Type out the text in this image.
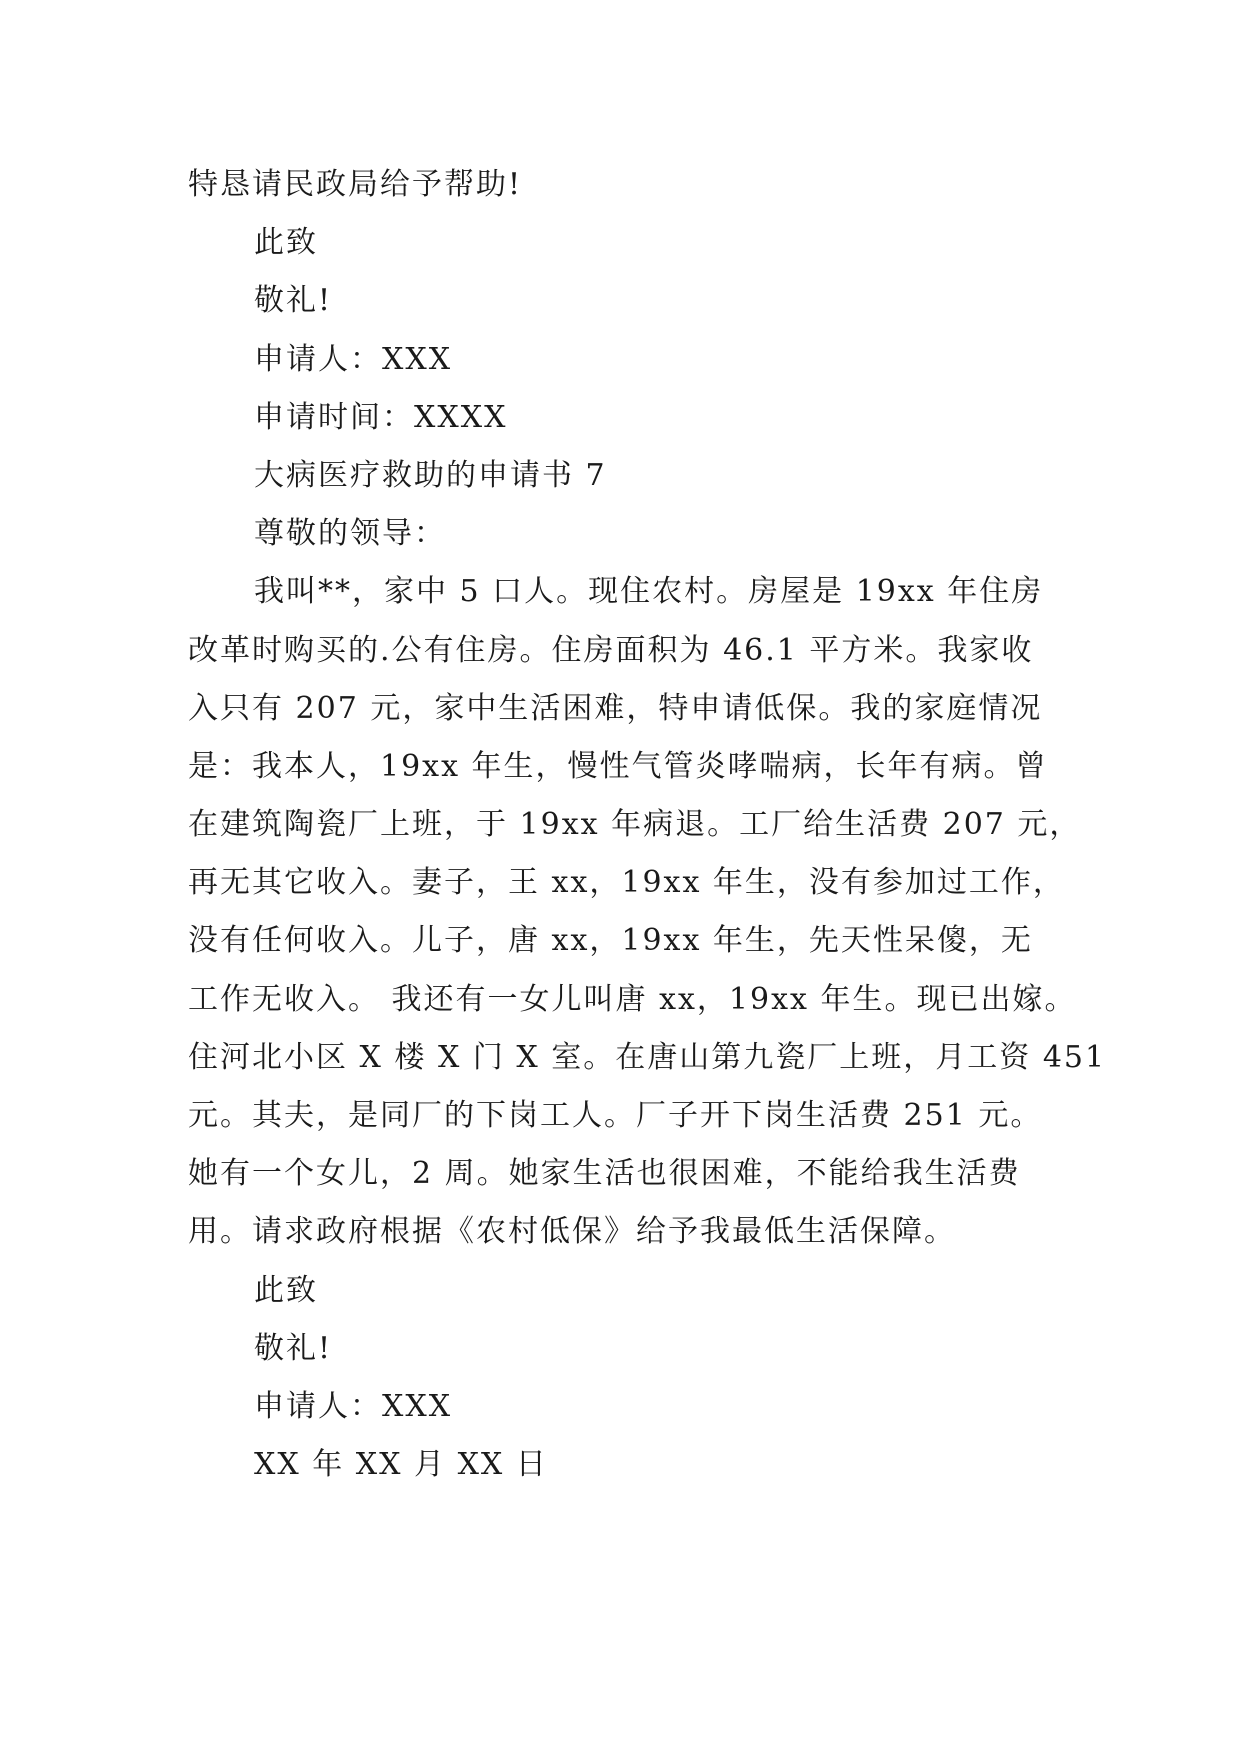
特恳请民政局给予帮助!
此致
敬礼!
申请人：XXX
申请时间：XXXX
大病医疗救助的申请书 7
尊敬的领导：
我叫**，家中 5 口人。现住农村。房屋是 19xx 年住房
改革时购买的.公有住房。住房面积为 46.1 平方米。我家收
入只有 207 元，家中生活困难，特申请低保。我的家庭情况
是：我本人，19xx 年生，慢性气管炎哮喘病，长年有病。曾
在建筑陶瓷厂上班，于 19xx 年病退。工厂给生活费 207 元，
再无其它收入。妻子，王 xx，19xx 年生，没有参加过工作，
没有任何收入。儿子，唐 xx，19xx 年生，先天性呆傻，无
工作无收入。 我还有一女儿叫唐 xx，19xx 年生。现已出嫁。
住河北小区 X 楼 X 门 X 室。在唐山第九瓷厂上班，月工资 451
元。其夫，是同厂的下岗工人。厂子开下岗生活费 251 元。
她有一个女儿，2 周。她家生活也很困难，不能给我生活费
用。请求政府根据《农村低保》给予我最低生活保障。
此致
敬礼!
申请人：XXX
XX 年 XX 月 XX 日
